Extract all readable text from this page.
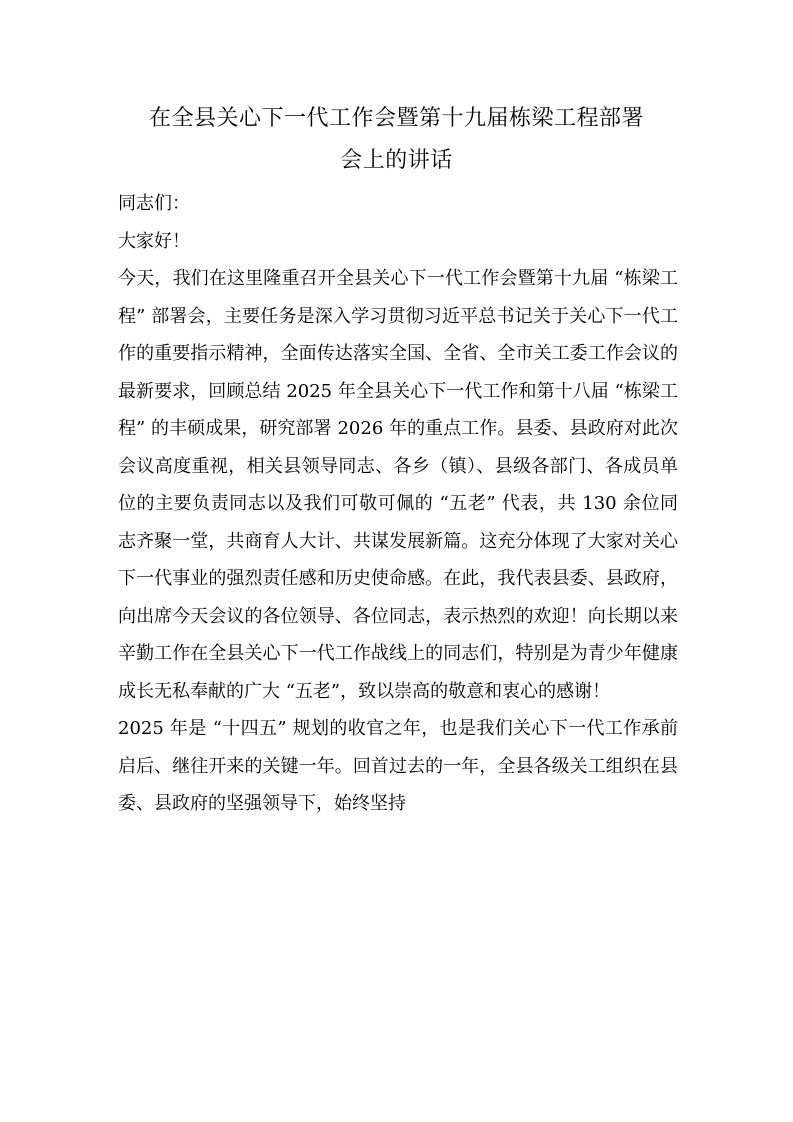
在全县关心下一代工作会暨第十九届栋梁工程部署
会上的讲话

同志们：

大家好！

今天，我们在这里隆重召开全县关心下一代工作会暨第十九届 “栋梁工程” 部署会，主要任务是深入学习贯彻习近平总书记关于关心下一代工作的重要指示精神，全面传达落实全国、全省、全市关工委工作会议的最新要求，回顾总结 2025 年全县关心下一代工作和第十八届 “栋梁工程” 的丰硕成果，研究部署 2026 年的重点工作。县委、县政府对此次会议高度重视，相关县领导同志、各乡（镇）、县级各部门、各成员单位的主要负责同志以及我们可敬可佩的 “五老” 代表，共 130 余位同志齐聚一堂，共商育人大计、共谋发展新篇。这充分体现了大家对关心下一代事业的强烈责任感和历史使命感。在此，我代表县委、县政府，向出席今天会议的各位领导、各位同志，表示热烈的欢迎！向长期以来辛勤工作在全县关心下一代工作战线上的同志们，特别是为青少年健康成长无私奉献的广大 “五老”，致以崇高的敬意和衷心的感谢！

2025 年是 “十四五” 规划的收官之年，也是我们关心下一代工作承前启后、继往开来的关键一年。回首过去的一年，全县各级关工组织在县委、县政府的坚强领导下，始终坚持
